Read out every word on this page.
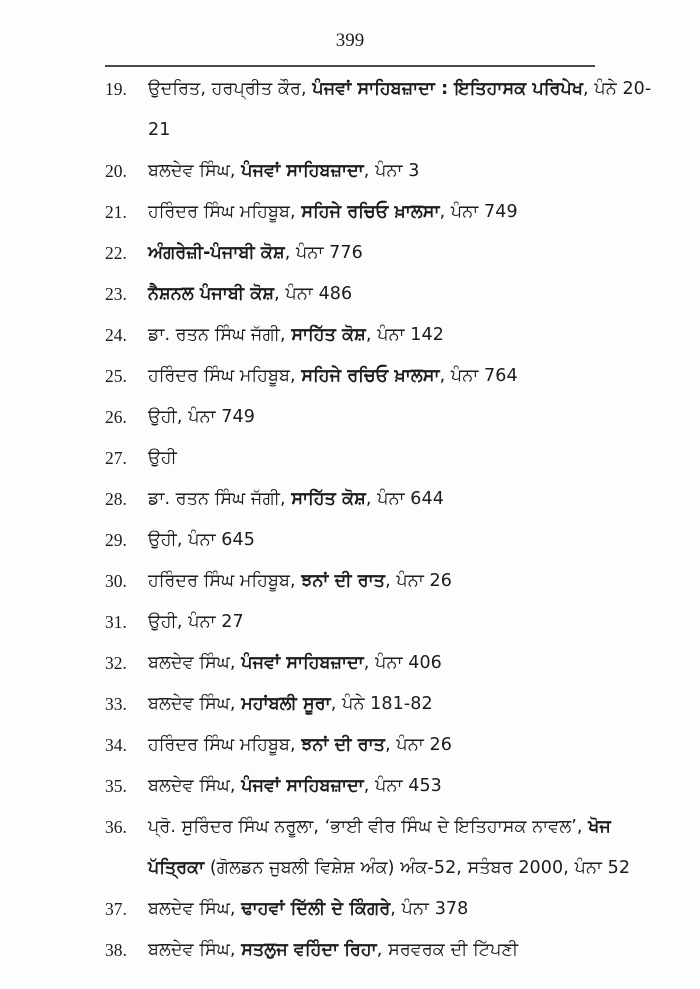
399
19.	ਉਦਰਿਤ, ਹਰਪ੍ਰੀਤ ਕੌਰ, ਪੰਜਵਾਂ ਸਾਹਿਬਜ਼ਾਦਾ : ਇਤਿਹਾਸਕ ਪਰਿਪੇਖ, ਪੰਨੇ 20-21
20.	ਬਲਦੇਵ ਸਿੰਘ, ਪੰਜਵਾਂ ਸਾਹਿਬਜ਼ਾਦਾ, ਪੰਨਾ 3
21.	ਹਰਿੰਦਰ ਸਿੰਘ ਮਹਿਬੂਬ, ਸਹਿਜੇ ਰਚਿਓ ਖ਼ਾਲਸਾ, ਪੰਨਾ 749
22.	ਅੰਗਰੇਜ਼ੀ-ਪੰਜਾਬੀ ਕੋਸ਼, ਪੰਨਾ 776
23.	ਨੈਸ਼ਨਲ ਪੰਜਾਬੀ ਕੋਸ਼, ਪੰਨਾ 486
24.	ਡਾ. ਰਤਨ ਸਿੰਘ ਜੱਗੀ, ਸਾਹਿੱਤ ਕੋਸ਼, ਪੰਨਾ 142
25.	ਹਰਿੰਦਰ ਸਿੰਘ ਮਹਿਬੂਬ, ਸਹਿਜੇ ਰਚਿਓ ਖ਼ਾਲਸਾ, ਪੰਨਾ 764
26.	ਉਹੀ, ਪੰਨਾ 749
27.	ਉਹੀ
28.	ਡਾ. ਰਤਨ ਸਿੰਘ ਜੱਗੀ, ਸਾਹਿੱਤ ਕੋਸ਼, ਪੰਨਾ 644
29.	ਉਹੀ, ਪੰਨਾ 645
30.	ਹਰਿੰਦਰ ਸਿੰਘ ਮਹਿਬੂਬ, ਝਨਾਂ ਦੀ ਰਾਤ, ਪੰਨਾ 26
31.	ਉਹੀ, ਪੰਨਾ 27
32.	ਬਲਦੇਵ ਸਿੰਘ, ਪੰਜਵਾਂ ਸਾਹਿਬਜ਼ਾਦਾ, ਪੰਨਾ 406
33.	ਬਲਦੇਵ ਸਿੰਘ, ਮਹਾਂਬਲੀ ਸੂਰਾ, ਪੰਨੇ 181-82
34.	ਹਰਿੰਦਰ ਸਿੰਘ ਮਹਿਬੂਬ, ਝਨਾਂ ਦੀ ਰਾਤ, ਪੰਨਾ 26
35.	ਬਲਦੇਵ ਸਿੰਘ, ਪੰਜਵਾਂ ਸਾਹਿਬਜ਼ਾਦਾ, ਪੰਨਾ 453
36.	ਪ੍ਰੋ. ਸੁਰਿੰਦਰ ਸਿੰਘ ਨਰੂਲਾ, ‘ਭਾਈ ਵੀਰ ਸਿੰਘ ਦੇ ਇਤਿਹਾਸਕ ਨਾਵਲ’, ਖੋਜ ਪੱਤ੍ਰਿਕਾ (ਗੋਲਡਨ ਜੁਬਲੀ ਵਿਸ਼ੇਸ਼ ਅੰਕ) ਅੰਕ-52, ਸਤੰਬਰ 2000, ਪੰਨਾ 52
37.	ਬਲਦੇਵ ਸਿੰਘ, ਢਾਹਵਾਂ ਦਿੱਲੀ ਦੇ ਕਿੰਗਰੇ, ਪੰਨਾ 378
38.	ਬਲਦੇਵ ਸਿੰਘ, ਸਤਲੁਜ ਵਹਿੰਦਾ ਰਿਹਾ, ਸਰਵਰਕ ਦੀ ਟਿੱਪਣੀ
